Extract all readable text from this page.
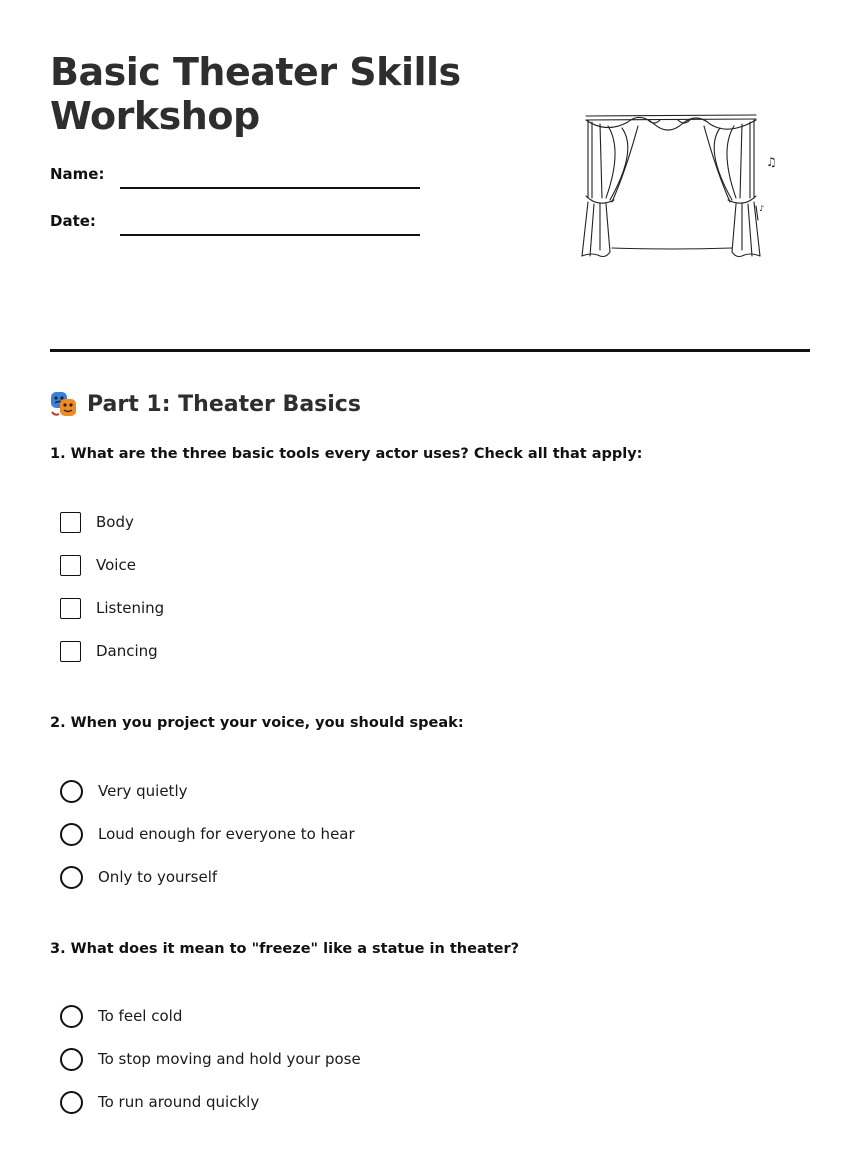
Basic Theater Skills
Workshop
Name:
Date:
♫
♪
Part 1: Theater Basics

1. What are the three basic tools every actor uses? Check all that apply:

Body
Voice
Listening
Dancing

2. When you project your voice, you should speak:

Very quietly
Loud enough for everyone to hear
Only to yourself

3. What does it mean to "freeze" like a statue in theater?

To feel cold
To stop moving and hold your pose
To run around quickly
